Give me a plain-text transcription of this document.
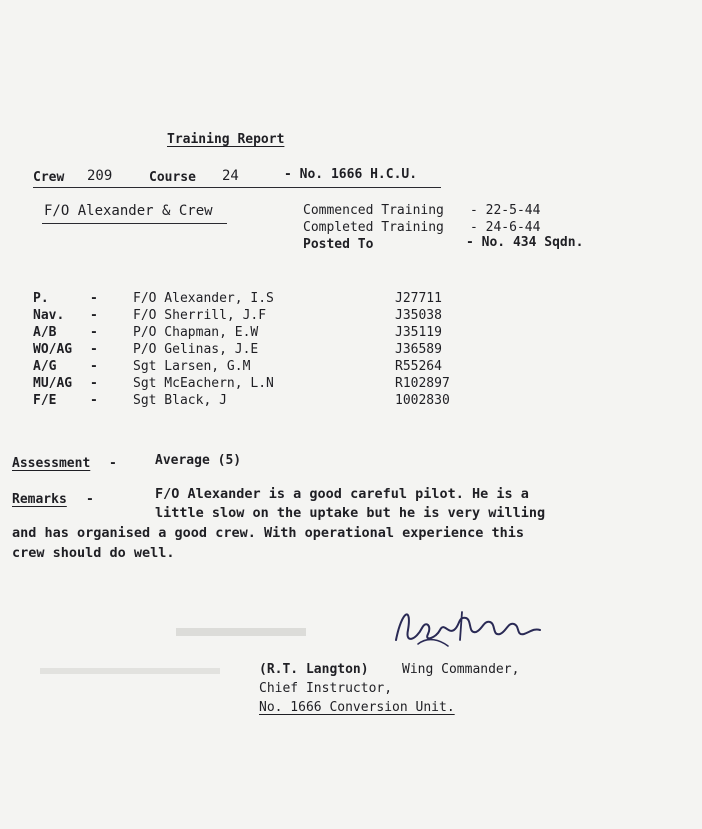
Training Report
Crew 209	Course 24	- No. 1666 H.C.U.
F/O Alexander & Crew	Commenced Training - 22-5-44
Completed Training - 24-6-44
Posted To	- No. 434 Sqdn.
P.	-	F/O Alexander, I.S	J27711
Nav. -	F/O Sherrill, J.F	J35038
A/B	-	P/O Chapman, E.W	J35119
WO/AG -	P/O Gelinas, J.E	J36589
A/G	-	Sgt Larsen, G.M	R55264
MU/AG -	Sgt McEachern, L.N	R102897
F/E	-	Sgt Black, J	1002830
Assessment -	Average (5)
Remarks -	F/O Alexander is a good careful pilot. He is a
little slow on the uptake but he is very willing
and has organised a good crew. With operational experience this
crew should do well.
(R.T. Langton)	Wing Commander,
Chief Instructor,
No. 1666 Conversion Unit.
